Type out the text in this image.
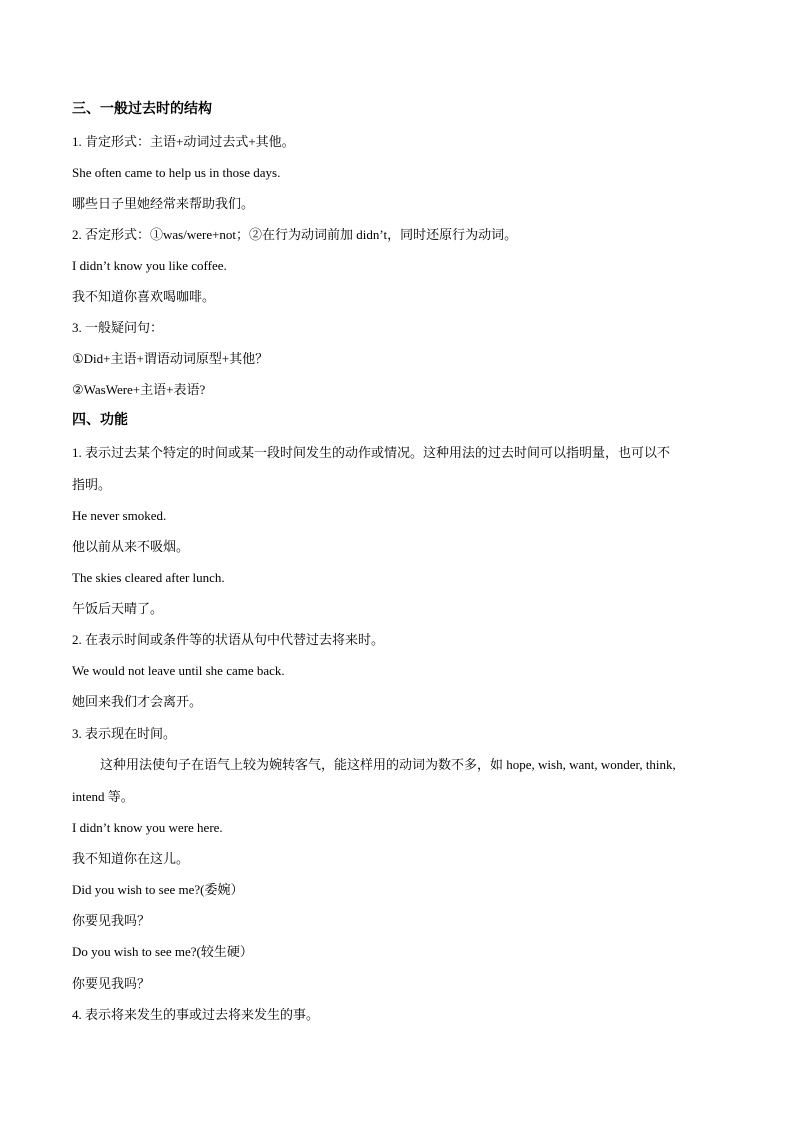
三、一般过去时的结构
1. 肯定形式：主语+动词过去式+其他。
She often came to help us in those days.
哪些日子里她经常来帮助我们。
2. 否定形式：①was/were+not；②在行为动词前加 didn’t，同时还原行为动词。
I didn’t know you like coffee.
我不知道你喜欢喝咖啡。
3. 一般疑问句：
①Did+主语+谓语动词原型+其他？
②WasWere+主语+表语?
四、功能
1. 表示过去某个特定的时间或某一段时间发生的动作或情况。这种用法的过去时间可以指明量，也可以不
指明。
He never smoked.
他以前从来不吸烟。
The skies cleared after lunch.
午饭后天晴了。
2. 在表示时间或条件等的状语从句中代替过去将来时。
We would not leave until she came back.
她回来我们才会离开。
3. 表示现在时间。
这种用法使句子在语气上较为婉转客气，能这样用的动词为数不多，如 hope, wish, want, wonder, think,
intend 等。
I didn’t know you were here.
我不知道你在这儿。
Did you wish to see me?(委婉）
你要见我吗？
Do you wish to see me?(较生硬）
你要见我吗？
4. 表示将来发生的事或过去将来发生的事。
